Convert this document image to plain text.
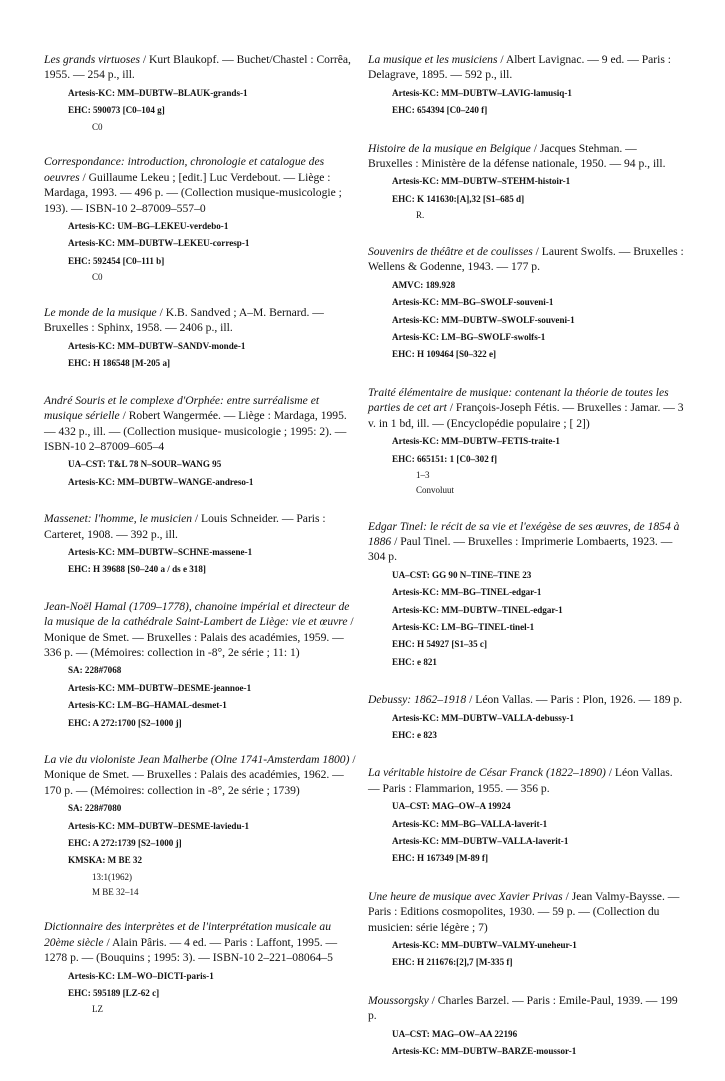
Les grands virtuoses / Kurt Blaukopf. — Buchet/Chastel : Corrêa, 1955. — 254 p., ill.

Artesis-KC: MM–DUBTW–BLAUK-grands-1
EHC: 590073 [C0–104 g]
C0

Correspondance: introduction, chronologie et catalogue des oeuvres / Guillaume Lekeu ; [edit.] Luc Verdebout. — Liège : Mardaga, 1993. — 496 p. — (Collection musique-musicologie ; 193). — ISBN-10 2–87009–557–0

Artesis-KC: UM–BG–LEKEU-verdebo-1
Artesis-KC: MM–DUBTW–LEKEU-corresp-1
EHC: 592454 [C0–111 b]
C0

Le monde de la musique / K.B. Sandved ; A–M. Bernard. — Bruxelles : Sphinx, 1958. — 2406 p., ill.

Artesis-KC: MM–DUBTW–SANDV-monde-1
EHC: H 186548 [M-205 a]

André Souris et le complexe d'Orphée: entre surréalisme et musique sérielle / Robert Wangermée. — Liège : Mardaga, 1995. — 432 p., ill. — (Collection musique- musicologie ; 1995: 2). — ISBN-10 2–87009–605–4

UA–CST: T&L 78 N–SOUR–WANG 95
Artesis-KC: MM–DUBTW–WANGE-andreso-1

Massenet: l'homme, le musicien / Louis Schneider. — Paris : Carteret, 1908. — 392 p., ill.

Artesis-KC: MM–DUBTW–SCHNE-massene-1
EHC: H 39688 [S0–240 a / ds e 318]

Jean-Noël Hamal (1709–1778), chanoine impérial et directeur de la musique de la cathédrale Saint-Lambert de Liège: vie et œuvre / Monique de Smet. — Bruxelles : Palais des académies, 1959. — 336 p. — (Mémoires: collection in -8°, 2e série ; 11: 1)

SA: 228#7068
Artesis-KC: MM–DUBTW–DESME-jeannoe-1
Artesis-KC: LM–BG–HAMAL-desmet-1
EHC: A 272:1700 [S2–1000 j]

La vie du violoniste Jean Malherbe (Olne 1741-Amsterdam 1800) / Monique de Smet. — Bruxelles : Palais des académies, 1962. — 170 p. — (Mémoires: collection in -8°, 2e série ; 1739)

SA: 228#7080
Artesis-KC: MM–DUBTW–DESME-laviedu-1
EHC: A 272:1739 [S2–1000 j]
KMSKA: M BE 32
13:1(1962)
M BE 32–14

Dictionnaire des interprètes et de l'interprétation musicale au 20ème siècle / Alain Pâris. — 4 ed. — Paris : Laffont, 1995. — 1278 p. — (Bouquins ; 1995: 3). — ISBN-10 2–221–08064–5

Artesis-KC: LM–WO–DICTI-paris-1
EHC: 595189 [LZ-62 c]
LZ

La musique et les musiciens / Albert Lavignac. — 9 ed. — Paris : Delagrave, 1895. — 592 p., ill.

Artesis-KC: MM–DUBTW–LAVIG-lamusiq-1
EHC: 654394 [C0–240 f]

Histoire de la musique en Belgique / Jacques Stehman. — Bruxelles : Ministère de la défense nationale, 1950. — 94 p., ill.

Artesis-KC: MM–DUBTW–STEHM-histoir-1
EHC: K 141630:[A],32 [S1–685 d]
R.

Souvenirs de théâtre et de coulisses / Laurent Swolfs. — Bruxelles : Wellens & Godenne, 1943. — 177 p.

AMVC: 189.928
Artesis-KC: MM–BG–SWOLF-souveni-1
Artesis-KC: MM–DUBTW–SWOLF-souveni-1
Artesis-KC: LM–BG–SWOLF-swolfs-1
EHC: H 109464 [S0–322 e]

Traité élémentaire de musique: contenant la théorie de toutes les parties de cet art / François-Joseph Fétis. — Bruxelles : Jamar. — 3 v. in 1 bd, ill. — (Encyclopédie populaire ; [ 2])

Artesis-KC: MM–DUBTW–FETIS-traite-1
EHC: 665151: 1 [C0–302 f]
1–3
Convoluut

Edgar Tinel: le récit de sa vie et l'exégèse de ses œuvres, de 1854 à 1886 / Paul Tinel. — Bruxelles : Imprimerie Lombaerts, 1923. — 304 p.

UA–CST: GG 90 N–TINE–TINE 23
Artesis-KC: MM–BG–TINEL-edgar-1
Artesis-KC: MM–DUBTW–TINEL-edgar-1
Artesis-KC: LM–BG–TINEL-tinel-1
EHC: H 54927 [S1–35 c]
EHC: e 821

Debussy: 1862–1918 / Léon Vallas. — Paris : Plon, 1926. — 189 p.

Artesis-KC: MM–DUBTW–VALLA-debussy-1
EHC: e 823

La véritable histoire de César Franck (1822–1890) / Léon Vallas. — Paris : Flammarion, 1955. — 356 p.

UA–CST: MAG–OW–A 19924
Artesis-KC: MM–BG–VALLA-laverit-1
Artesis-KC: MM–DUBTW–VALLA-laverit-1
EHC: H 167349 [M-89 f]

Une heure de musique avec Xavier Privas / Jean Valmy-Baysse. — Paris : Editions cosmopolites, 1930. — 59 p. — (Collection du musicien: série légère ; 7)

Artesis-KC: MM–DUBTW–VALMY-uneheur-1
EHC: H 211676:[2],7 [M-335 f]

Moussorgsky / Charles Barzel. — Paris : Emile-Paul, 1939. — 199 p.

UA–CST: MAG–OW–AA 22196
Artesis-KC: MM–DUBTW–BARZE-moussor-1
